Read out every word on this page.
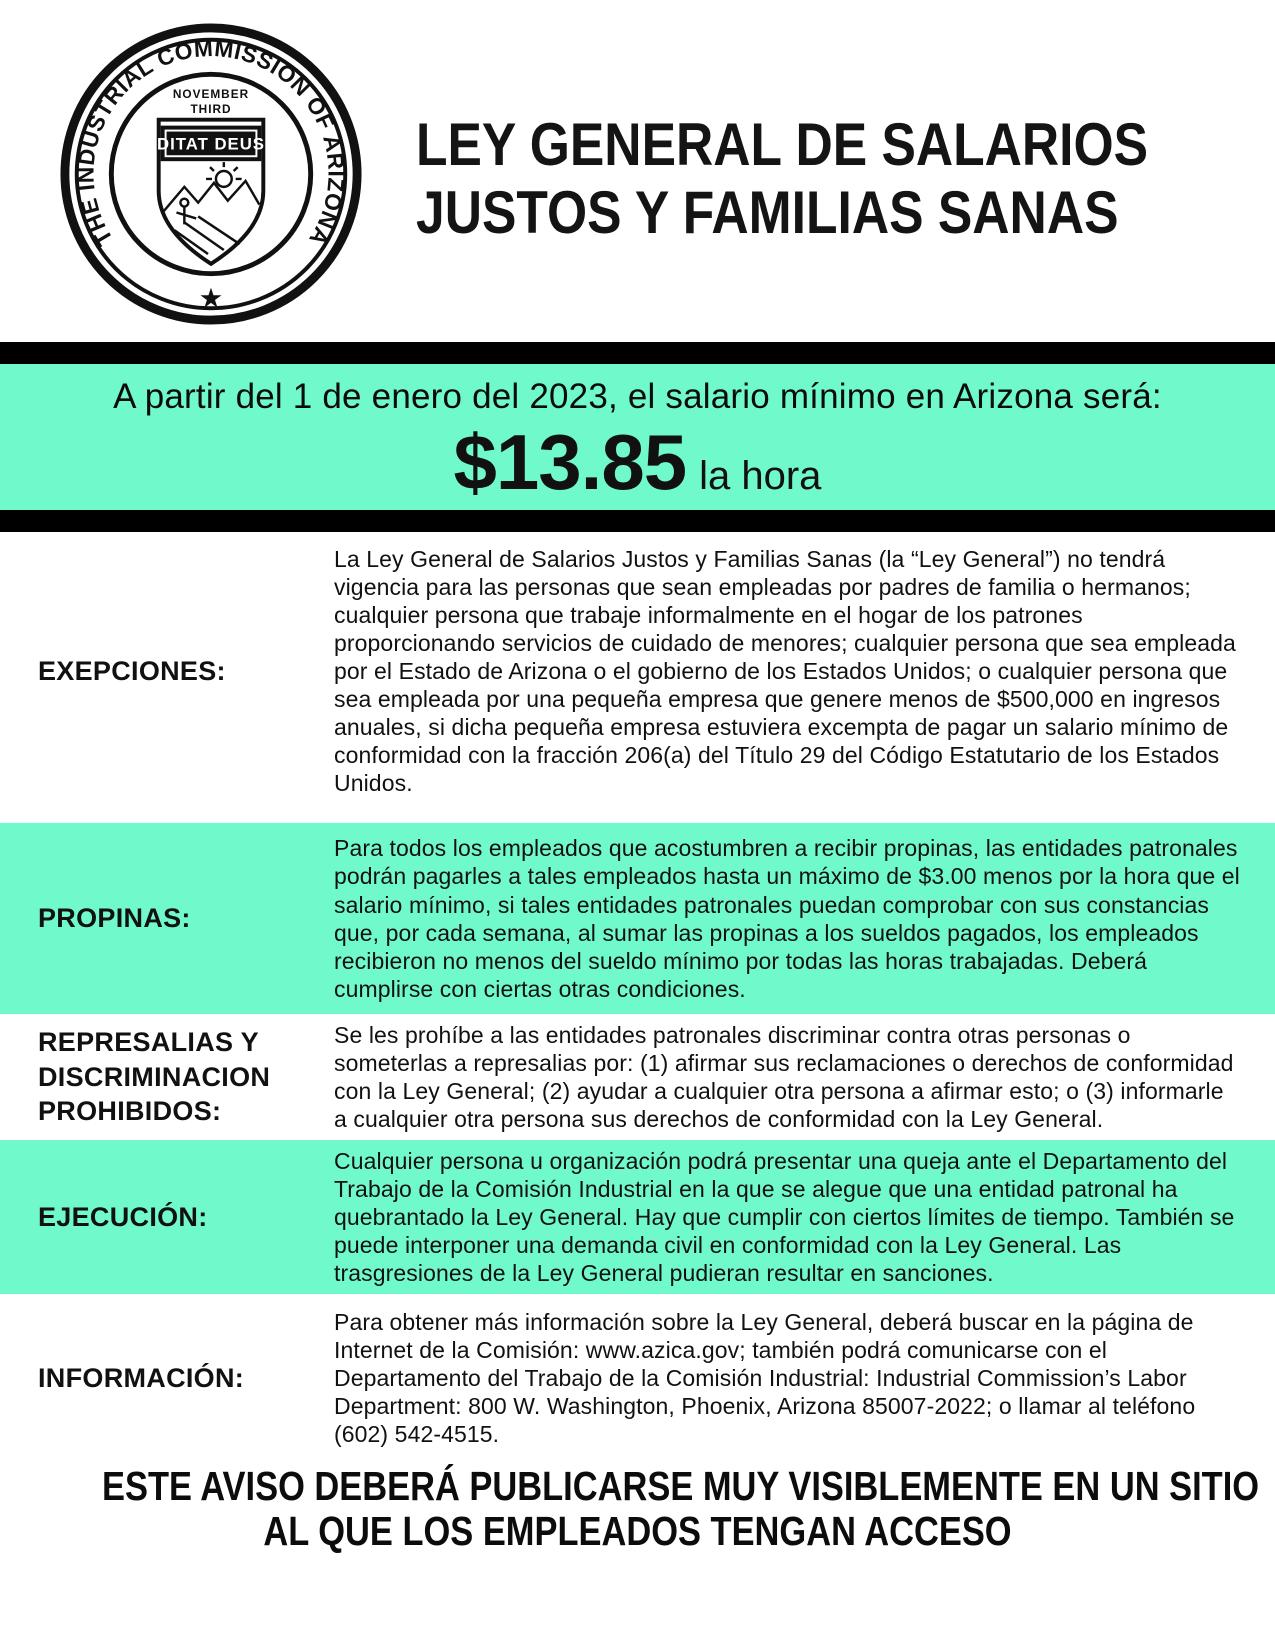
THE INDUSTRIAL COMMISSION OF ARIZONA
★
NOVEMBER
THIRD
DITAT DEUS	LEY GENERAL DE SALARIOS
JUSTOS Y FAMILIAS SANAS
A partir del 1 de enero del 2023, el salario mínimo en Arizona será:
$13.85 la hora
EXEPCIONES:
La Ley General de Salarios Justos y Familias Sanas (la “Ley General”) no tendrá vigencia para las personas que sean empleadas por padres de familia o hermanos; cualquier persona que trabaje informalmente en el hogar de los patrones proporcionando servicios de cuidado de menores; cualquier persona que sea empleada por el Estado de Arizona o el gobierno de los Estados Unidos; o cualquier persona que sea empleada por una pequeña empresa que genere menos de $500,000 en ingresos anuales, si dicha pequeña empresa estuviera excempta de pagar un salario mínimo de conformidad con la fracción 206(a) del Título 29 del Código Estatutario de los Estados Unidos.
PROPINAS:
Para todos los empleados que acostumbren a recibir propinas, las entidades patronales podrán pagarles a tales empleados hasta un máximo de $3.00 menos por la hora que el salario mínimo, si tales entidades patronales puedan comprobar con sus constancias que, por cada semana, al sumar las propinas a los sueldos pagados, los empleados recibieron no menos del sueldo mínimo por todas las horas trabajadas. Deberá cumplirse con ciertas otras condiciones.
REPRESALIAS Y DISCRIMINACION PROHIBIDOS:
Se les prohíbe a las entidades patronales discriminar contra otras personas o someterlas a represalias por: (1) afirmar sus reclamaciones o derechos de conformidad con la Ley General; (2) ayudar a cualquier otra persona a afirmar esto; o (3) informarle a cualquier otra persona sus derechos de conformidad con la Ley General.
EJECUCIÓN:
Cualquier persona u organización podrá presentar una queja ante el Departamento del Trabajo de la Comisión Industrial en la que se alegue que una entidad patronal ha quebrantado la Ley General. Hay que cumplir con ciertos límites de tiempo. También se puede interponer una demanda civil en conformidad con la Ley General. Las trasgresiones de la Ley General pudieran resultar en sanciones.
INFORMACIÓN:
Para obtener más información sobre la Ley General, deberá buscar en la página de Internet de la Comisión: www.azica.gov; también podrá comunicarse con el Departamento del Trabajo de la Comisión Industrial: Industrial Commission’s Labor Department: 800 W. Washington, Phoenix, Arizona 85007-2022; o llamar al teléfono (602) 542-4515.
ESTE AVISO DEBERÁ PUBLICARSE MUY VISIBLEMENTE EN UN SITIO
AL QUE LOS EMPLEADOS TENGAN ACCESO
